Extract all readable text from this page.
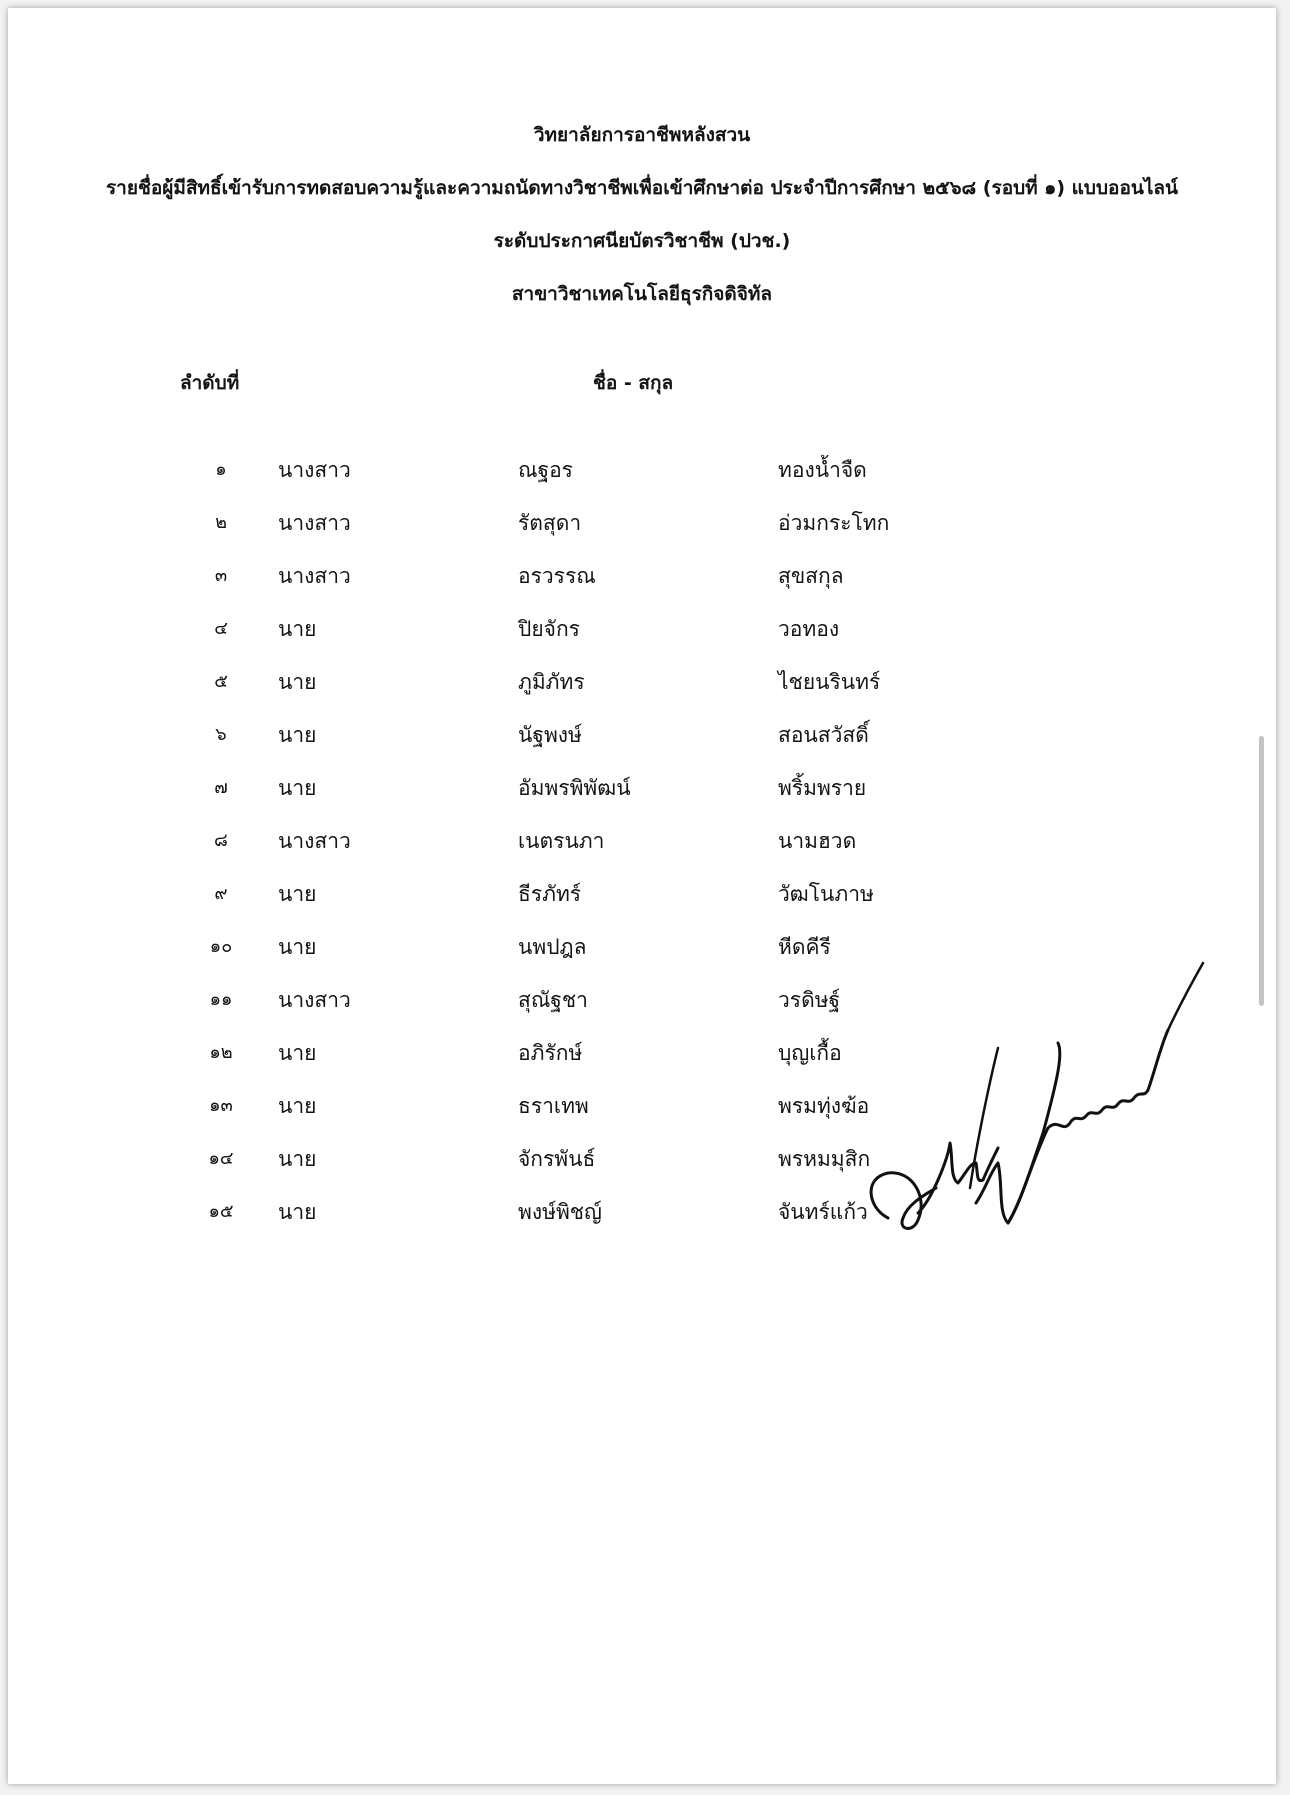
วิทยาลัยการอาชีพหลังสวน
รายชื่อผู้มีสิทธิ์เข้ารับการทดสอบความรู้และความถนัดทางวิชาชีพเพื่อเข้าศึกษาต่อ ประจำปีการศึกษา ๒๕๖๘ (รอบที่ ๑) แบบออนไลน์
ระดับประกาศนียบัตรวิชาชีพ (ปวช.)
สาขาวิชาเทคโนโลยีธุรกิจดิจิทัล
ลำดับที่	ชื่อ - สกุล
๑	นางสาว	ณฐอร	ทองน้ำจืด
๒	นางสาว	รัตสุดา	อ่วมกระโทก
๓	นางสาว	อรวรรณ	สุขสกุล
๔	นาย	ปิยจักร	วอทอง
๕	นาย	ภูมิภัทร	ไชยนรินทร์
๖	นาย	นัฐพงษ์	สอนสวัสดิ์
๗	นาย	อัมพรพิพัฒน์	พริ้มพราย
๘	นางสาว	เนตรนภา	นามฮวด
๙	นาย	ธีรภัทร์	วัฒโนภาษ
๑๐	นาย	นพปฎล	หีดคีรี
๑๑	นางสาว	สุณัฐชา	วรดิษฐ์
๑๒	นาย	อภิรักษ์	บุญเกื้อ
๑๓	นาย	ธราเทพ	พรมทุ่งฆ้อ
๑๔	นาย	จักรพันธ์	พรหมมุสิก
๑๕	นาย	พงษ์พิชญ์	จันทร์แก้ว
